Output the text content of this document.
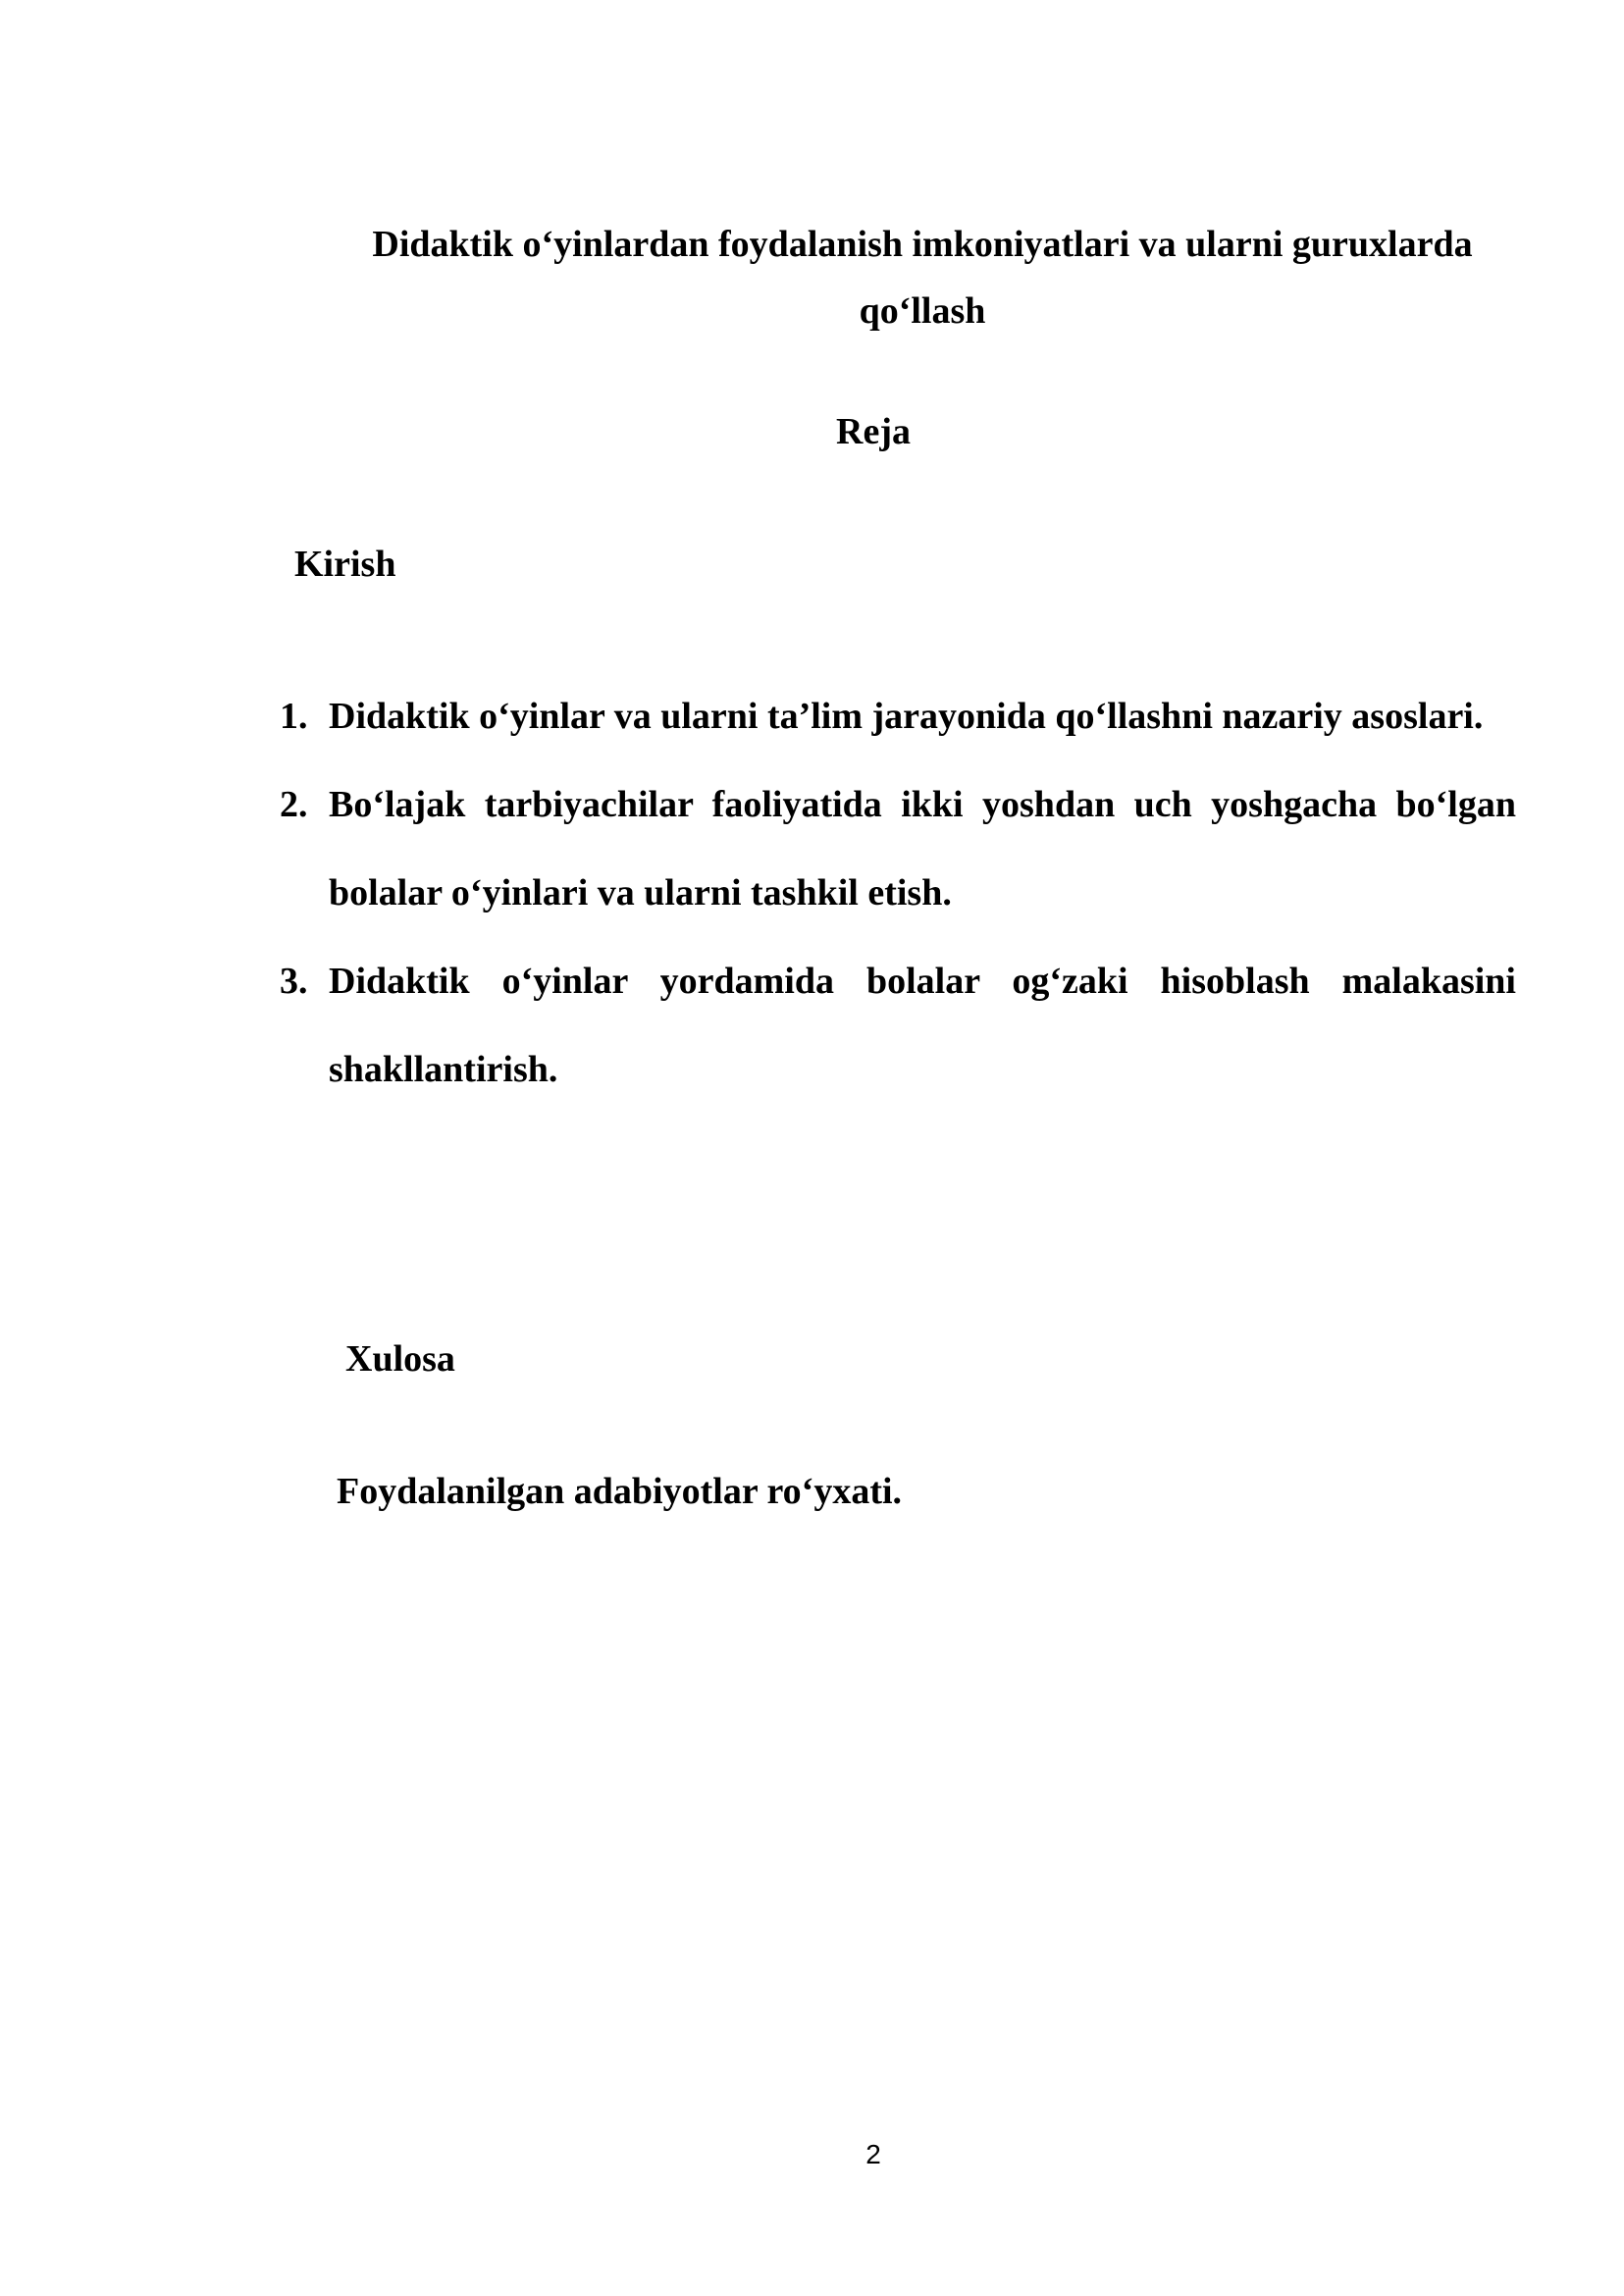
Didaktik o‘yinlardan foydalanish imkoniyatlari va ularni guruxlarda qo‘llash
Reja
Kirish
1. Didaktik o‘yinlar va ularni ta’lim jarayonida qo‘llashni nazariy asoslari.
2. Bo‘lajak tarbiyachilar faoliyatida ikki yoshdan uch yoshgacha bo‘lgan bolalar o‘yinlari va ularni tashkil etish.
3. Didaktik o‘yinlar yordamida bolalar og‘zaki hisoblash malakasini shakllantirish.
Xulosa
Foydalanilgan adabiyotlar ro‘yxati.
2
